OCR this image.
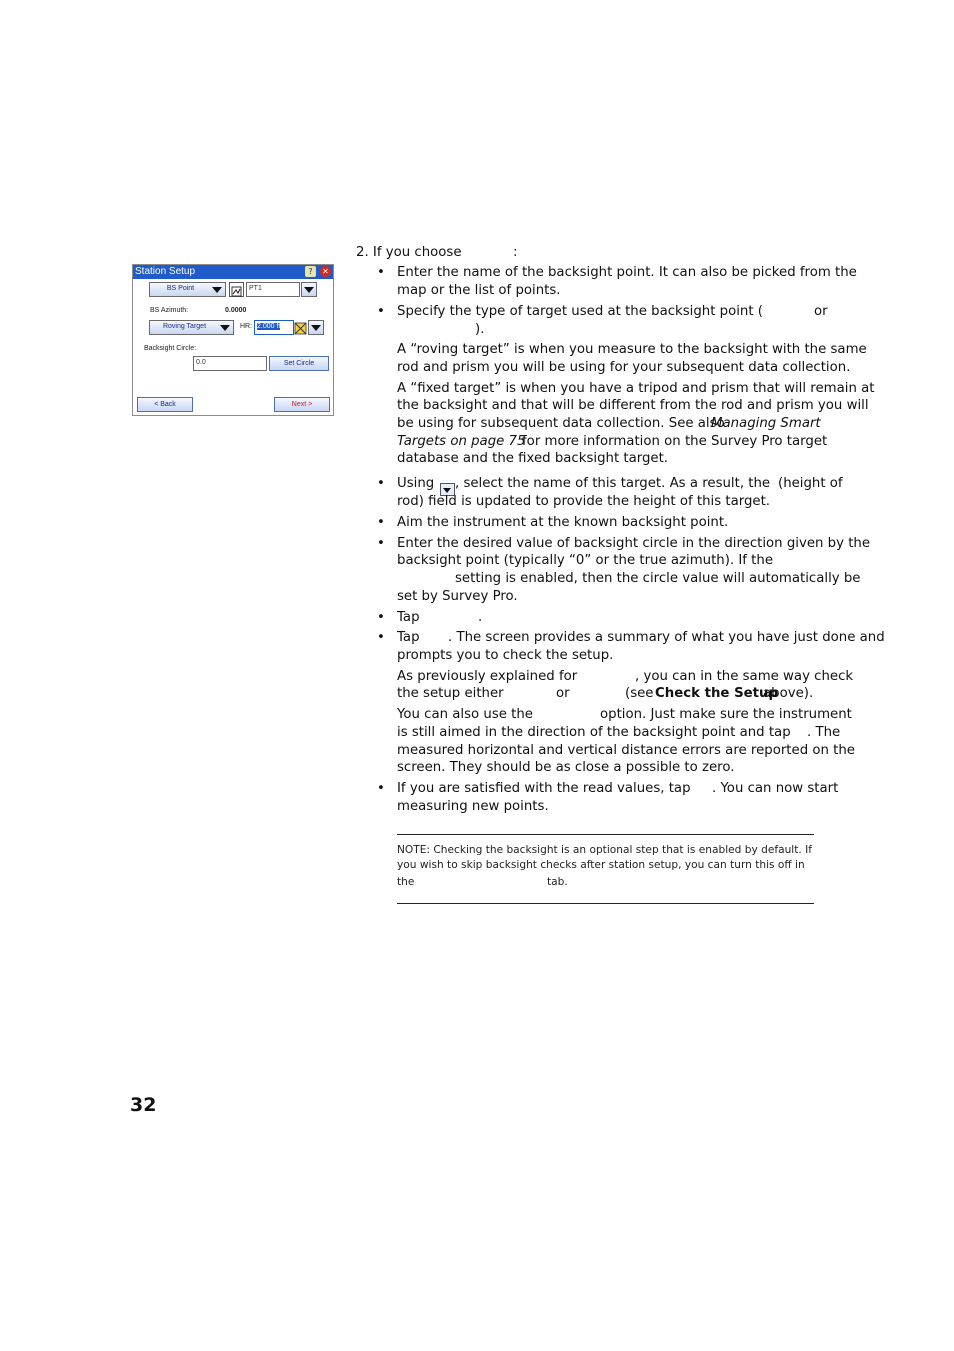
Station Setup	?	✕
BS Point	PT1
BS Azimuth:	0.0000
Roving Target	HR: 2.000 ft
Backsight Circle:
0.0	Set Circle
< Back	Next >
2. If you choose	:
• Enter the name of the backsight point. It can also be picked from the
map or the list of points.
• Specify the type of target used at the backsight point (	or
).
A “roving target” is when you measure to the backsight with the same
rod and prism you will be using for your subsequent data collection.
A “fixed target” is when you have a tripod and prism that will remain at
the backsight and that will be different from the rod and prism you will
be using for subsequent data collection. See also
Managing Smart
Targets on page 75
for more information on the Survey Pro target
database and the fixed backsight target.
• Using , select the name of this target. As a result, the (height of
rod) field is updated to provide the height of this target.
• Aim the instrument at the known backsight point.
• Enter the desired value of backsight circle in the direction given by the
backsight point (typically “0” or the true azimuth). If the
setting is enabled, then the circle value will automatically be
set by Survey Pro.
• Tap	.
• Tap . The screen provides a summary of what you have just done and
prompts you to check the setup.
As previously explained for	, you can in the same way check
the setup either	or	(see Check the Setup
above).
You can also use the	option. Just make sure the instrument
is still aimed in the direction of the backsight point and tap . The
measured horizontal and vertical distance errors are reported on the
screen. They should be as close a possible to zero.
• If you are satisfied with the read values, tap . You can now start
measuring new points.
NOTE: Checking the backsight is an optional step that is enabled by default. If
you wish to skip backsight checks after station setup, you can turn this off in
the	tab.
32
